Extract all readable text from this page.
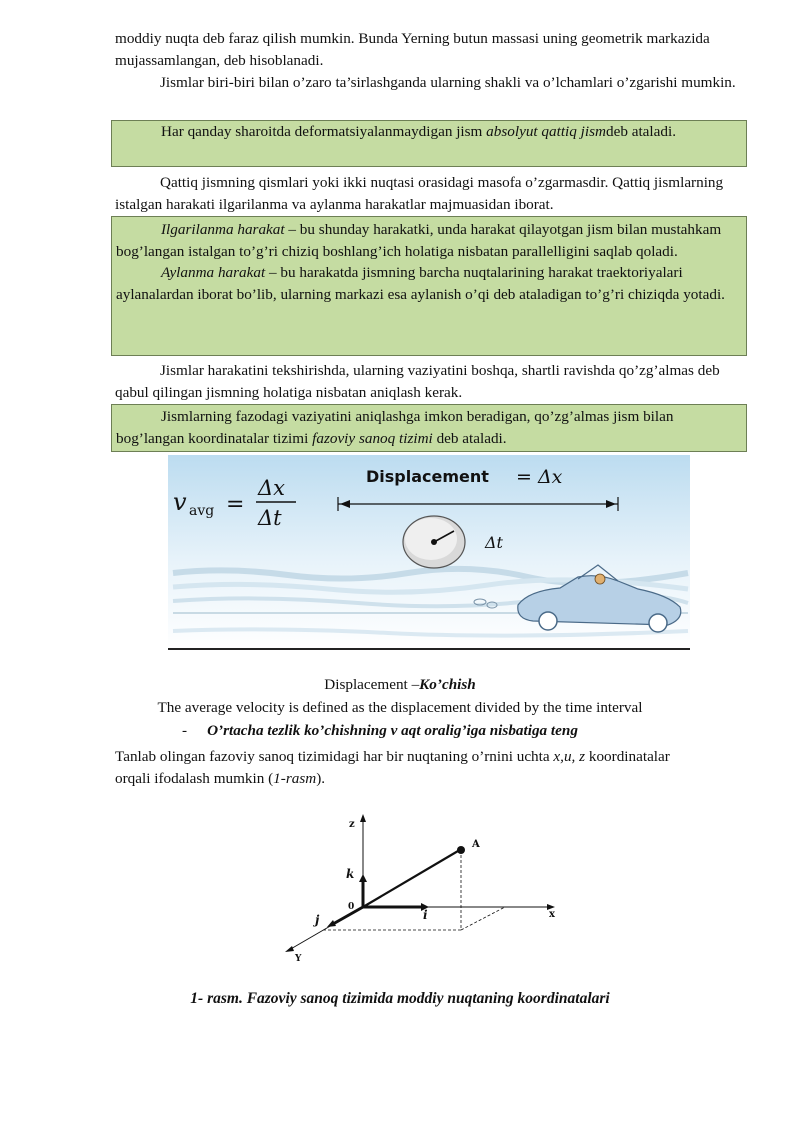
moddiy nuqta deb faraz qilish mumkin. Bunda Yerning butun massasi uning geometrik markazida mujassamlangan, deb hisoblanadi.
Jismlar biri-biri bilan o’zaro ta’sirlashganda ularning shakli va o’lchamlari o’zgarishi mumkin.

Har qanday sharoitda deformatsiyalanmaydigan jism absolyut qattiq jismdeb ataladi.

Qattiq jismning qismlari yoki ikki nuqtasi orasidagi masofa o’zgarmasdir. Qattiq jismlarning istalgan harakati ilgarilanma va aylanma harakatlar majmuasidan iborat.

Ilgarilanma harakat – bu shunday harakatki, unda harakat qilayotgan jism bilan mustahkam bog’langan istalgan to’g’ri chiziq boshlang’ich holatiga nisbatan parallelligini saqlab qoladi.

Aylanma harakat – bu harakatda jismning barcha nuqtalarining harakat traektoriyalari aylanalardan iborat bo’lib, ularning markazi esa aylanish o’qi deb ataladigan to’g’ri chiziqda yotadi.

Jismlar harakatini tekshirishda, ularning vaziyatini boshqa, shartli ravishda qo’zg’almas deb qabul qilingan jismning holatiga nisbatan aniqlash kerak.

Jismlarning fazodagi vaziyatini aniqlashga imkon beradigan, qo’zg’almas jism bilan bog’langan koordinatalar tizimi fazoviy sanoq tizimi deb ataladi.

v avg =
Δx
Δt
Displacement = Δx
Δt
Displacement –Ko’chish
The average velocity is defined as the displacement divided by the time interval
- O’rtacha tezlik ko’chishning v aqt oralig’iga nisbatiga teng
Tanlab olingan fazoviy sanoq tizimidagi har bir nuqtaning o’rnini uchta x,u, z koordinatalar orqali ifodalash mumkin (1-rasm).
z
x
Y
A
k
i
j
0
1- rasm. Fazoviy sanoq tizimida moddiy nuqtaning koordinatalari
